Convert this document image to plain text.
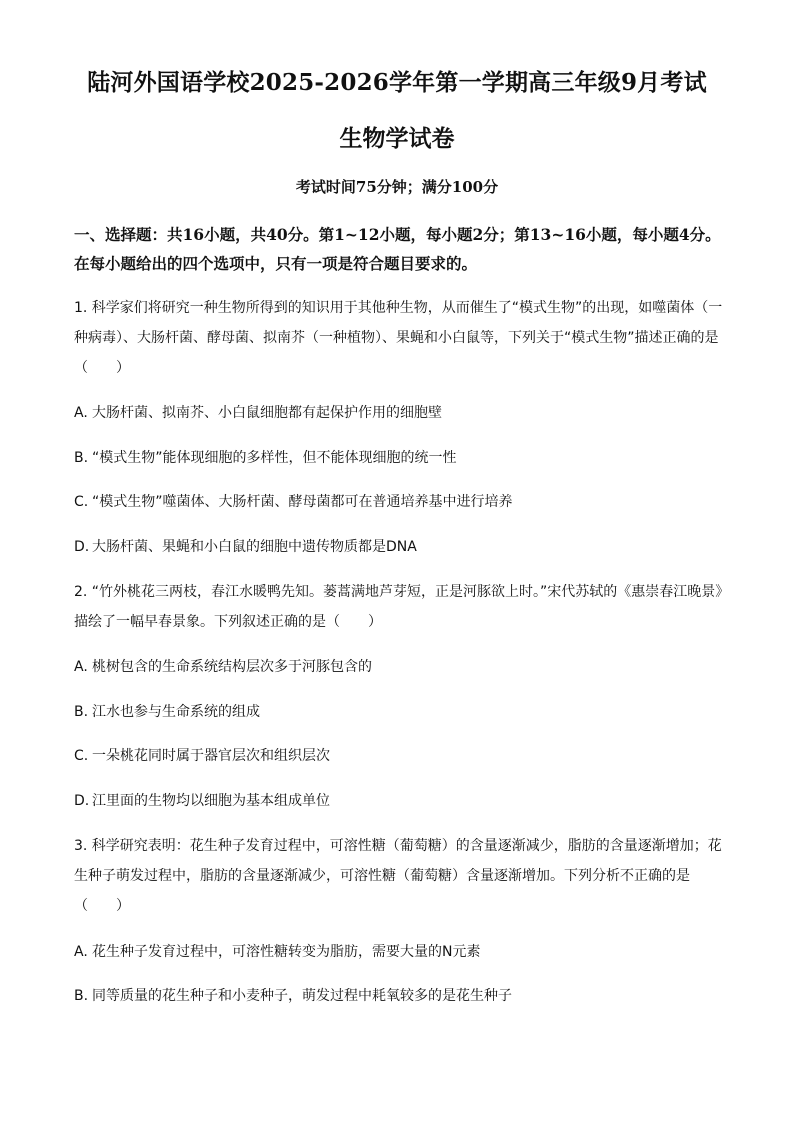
陆河外国语学校2025-2026学年第一学期高三年级9月考试
生物学试卷
考试时间75分钟；满分100分
一、选择题：共16小题，共40分。第1~12小题，每小题2分；第13~16小题，每小题4分。在每小题给出的四个选项中，只有一项是符合题目要求的。
1. 科学家们将研究一种生物所得到的知识用于其他种生物，从而催生了“模式生物”的出现，如噬菌体（一种病毒）、大肠杆菌、酵母菌、拟南芥（一种植物）、果蝇和小白鼠等，下列关于“模式生物”描述正确的是（　　）
A. 大肠杆菌、拟南芥、小白鼠细胞都有起保护作用的细胞壁
B. “模式生物”能体现细胞的多样性，但不能体现细胞的统一性
C. “模式生物”噬菌体、大肠杆菌、酵母菌都可在普通培养基中进行培养
D. 大肠杆菌、果蝇和小白鼠的细胞中遗传物质都是DNA
2. “竹外桃花三两枝，春江水暖鸭先知。蒌蒿满地芦芽短，正是河豚欲上时。”宋代苏轼的《惠崇春江晚景》描绘了一幅早春景象。下列叙述正确的是（　　）
A. 桃树包含的生命系统结构层次多于河豚包含的
B. 江水也参与生命系统的组成
C. 一朵桃花同时属于器官层次和组织层次
D. 江里面的生物均以细胞为基本组成单位
3. 科学研究表明：花生种子发育过程中，可溶性糖（葡萄糖）的含量逐渐减少，脂肪的含量逐渐增加；花生种子萌发过程中，脂肪的含量逐渐减少，可溶性糖（葡萄糖）含量逐渐增加。下列分析不正确的是（　　）
A. 花生种子发育过程中，可溶性糖转变为脂肪，需要大量的N元素
B. 同等质量的花生种子和小麦种子，萌发过程中耗氧较多的是花生种子
